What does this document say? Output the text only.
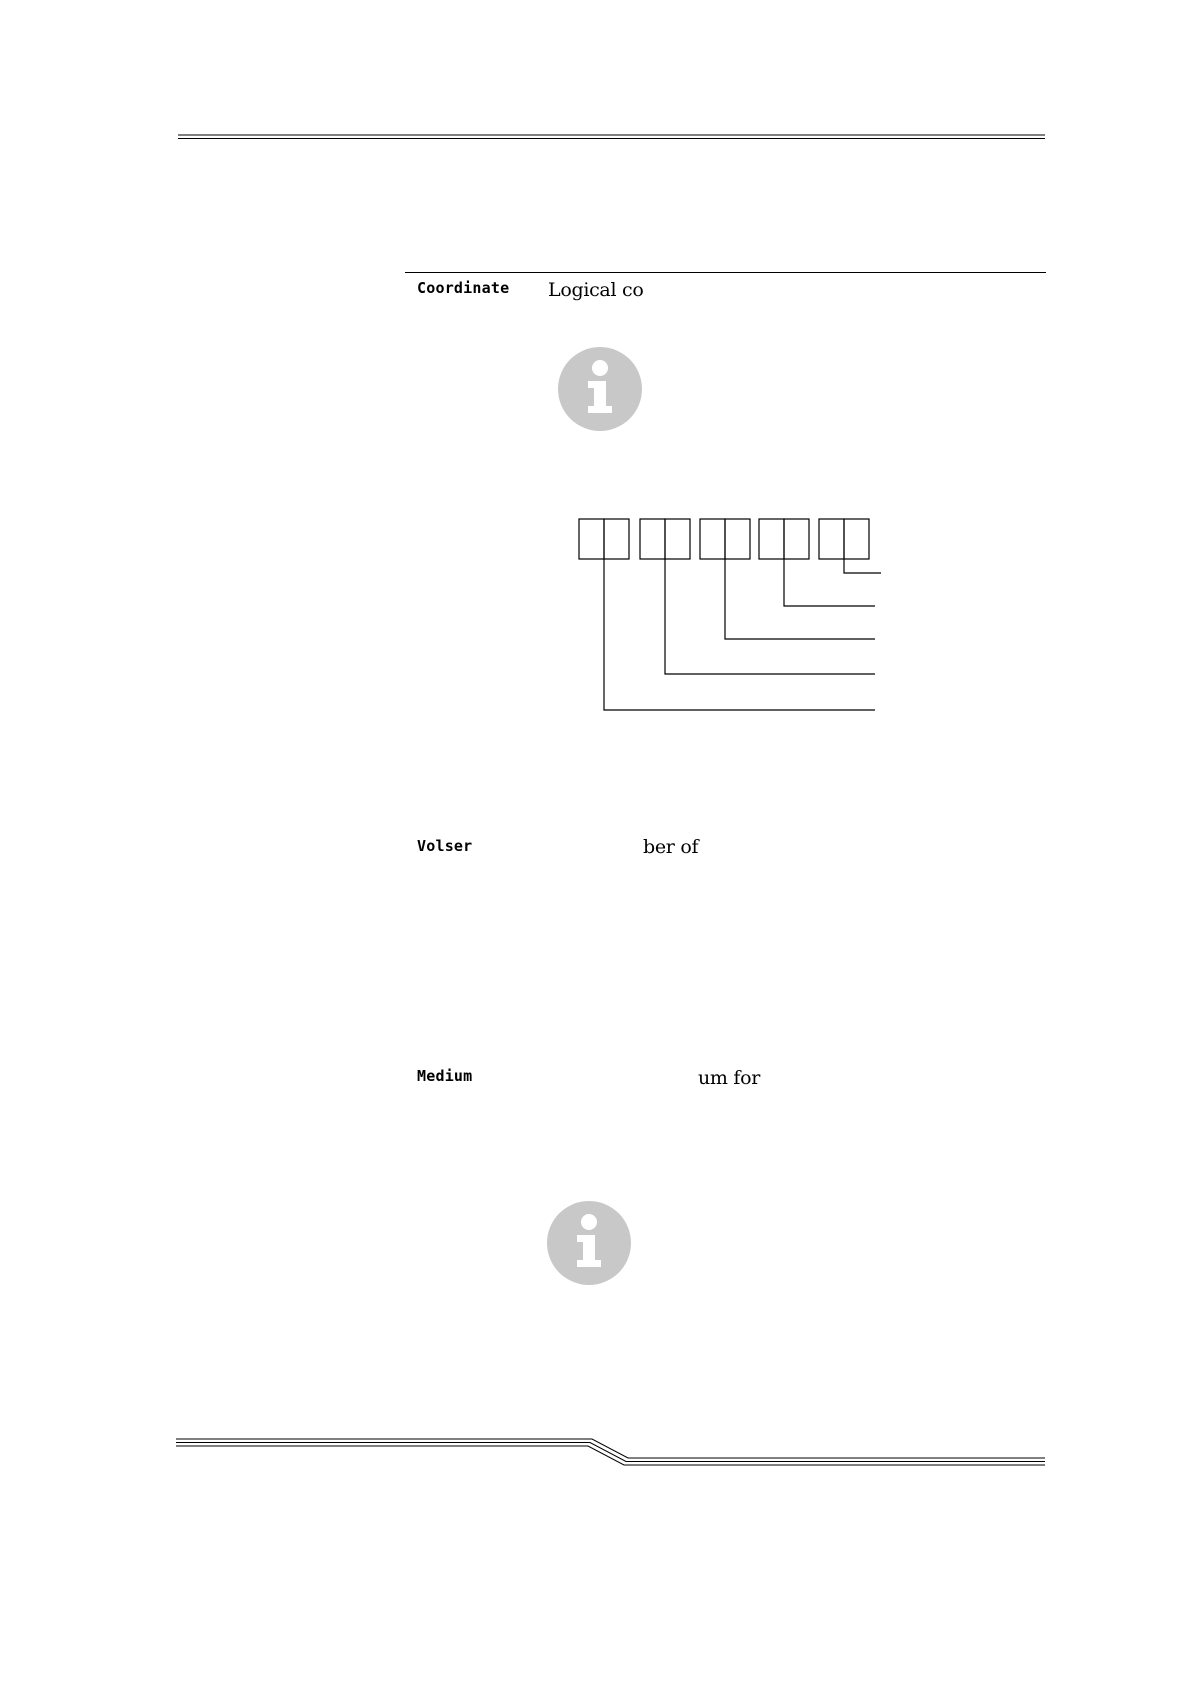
Coordinate Logical co
Volser	ber of
Medium	um for
